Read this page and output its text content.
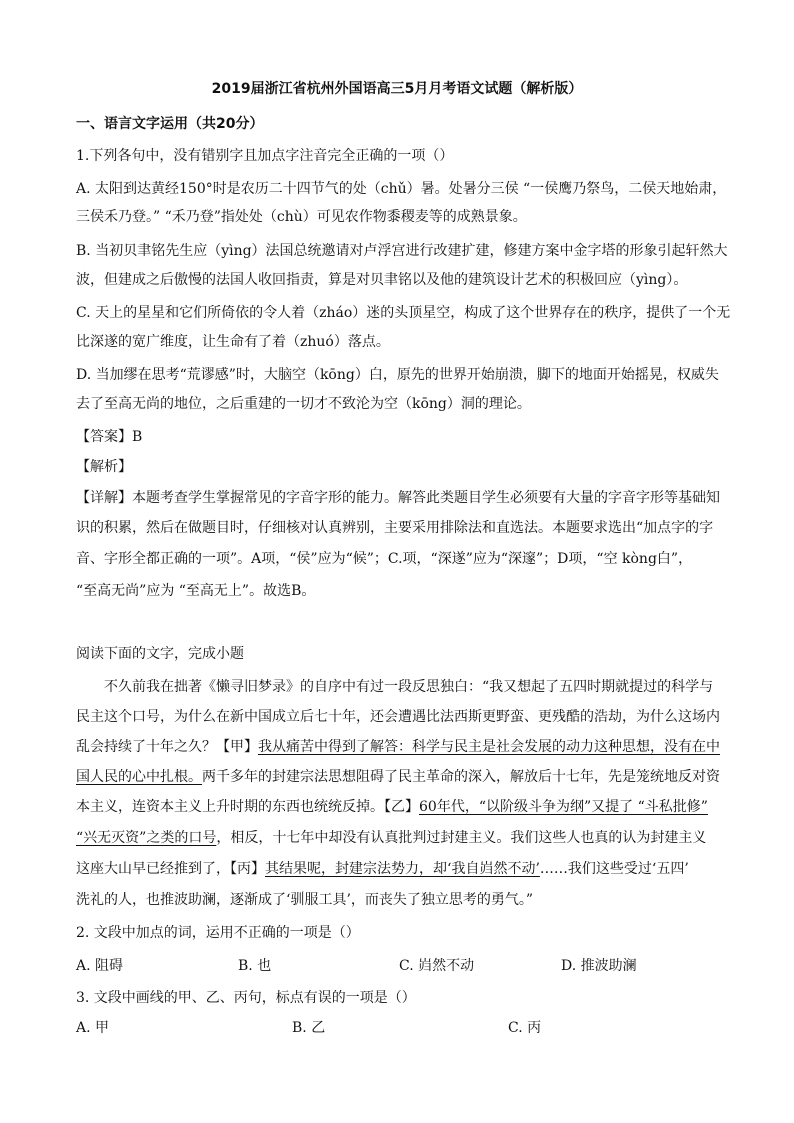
2019届浙江省杭州外国语高三5月月考语文试题（解析版）
一、语言文字运用（共20分）
1.下列各句中，没有错别字且加点字注音完全正确的一项（）
A. 太阳到达黄经150°时是农历二十四节气的处（chǔ）暑。处暑分三侯 “一侯鹰乃祭鸟，二侯天地始肃，
三侯禾乃登。” “禾乃登”指处处（chù）可见农作物黍稷麦等的成熟景象。
B. 当初贝聿铭先生应（yìng）法国总统邀请对卢浮宫进行改建扩建，修建方案中金字塔的形象引起轩然大
波，但建成之后傲慢的法国人收回指责，算是对贝聿铭以及他的建筑设计艺术的积极回应（yìng）。
C. 天上的星星和它们所倚依的令人着（zháo）迷的头顶星空，构成了这个世界存在的秩序，提供了一个无
比深遂的宽广维度，让生命有了着（zhuó）落点。
D. 当加缪在思考“荒谬感”时，大脑空（kōng）白，原先的世界开始崩溃，脚下的地面开始摇晃，权威失
去了至高无尚的地位，之后重建的一切才不致沦为空（kōng）洞的理论。
【答案】B
【解析】
【详解】本题考查学生掌握常见的字音字形的能力。解答此类题目学生必须要有大量的字音字形等基础知
识的积累，然后在做题目时，仔细核对认真辨别，主要采用排除法和直选法。本题要求选出“加点字的字
音、字形全都正确的一项”。A项，“侯”应为“候”；C.项，“深遂”应为“深邃”；D项，“空 kòng白”，
“至高无尚”应为 “至高无上”。故选B。
阅读下面的文字，完成小题
不久前我在拙著《懒寻旧梦录》的自序中有过一段反思独白：“我又想起了五四时期就提过的科学与
民主这个口号，为什么在新中国成立后七十年，还会遭遇比法西斯更野蛮、更残酷的浩劫，为什么这场内
乱会持续了十年之久？【甲】我从痛苦中得到了解答：科学与民主是社会发展的动力这种思想，没有在中
国人民的心中扎根。两千多年的封建宗法思想阻碍了民主革命的深入，解放后十七年，先是笼统地反对资
本主义，连资本主义上升时期的东西也统统反掉。【乙】60年代，“以阶级斗争为纲”又提了 “斗私批修”
“兴无灭资”之类的口号，相反，十七年中却没有认真批判过封建主义。我们这些人也真的认为封建主义
这座大山早已经推到了，【丙】其结果呢，封建宗法势力，却‘我自岿然不动’……我们这些受过‘五四’
洗礼的人，也推波助澜，逐渐成了‘驯服工具’，而丧失了独立思考的勇气。”
2. 文段中加点的词，运用不正确的一项是（）
A. 阻碍	B. 也	C. 岿然不动	D. 推波助澜
3. 文段中画线的甲、乙、丙句，标点有误的一项是（）
A. 甲	B. 乙	C. 丙
